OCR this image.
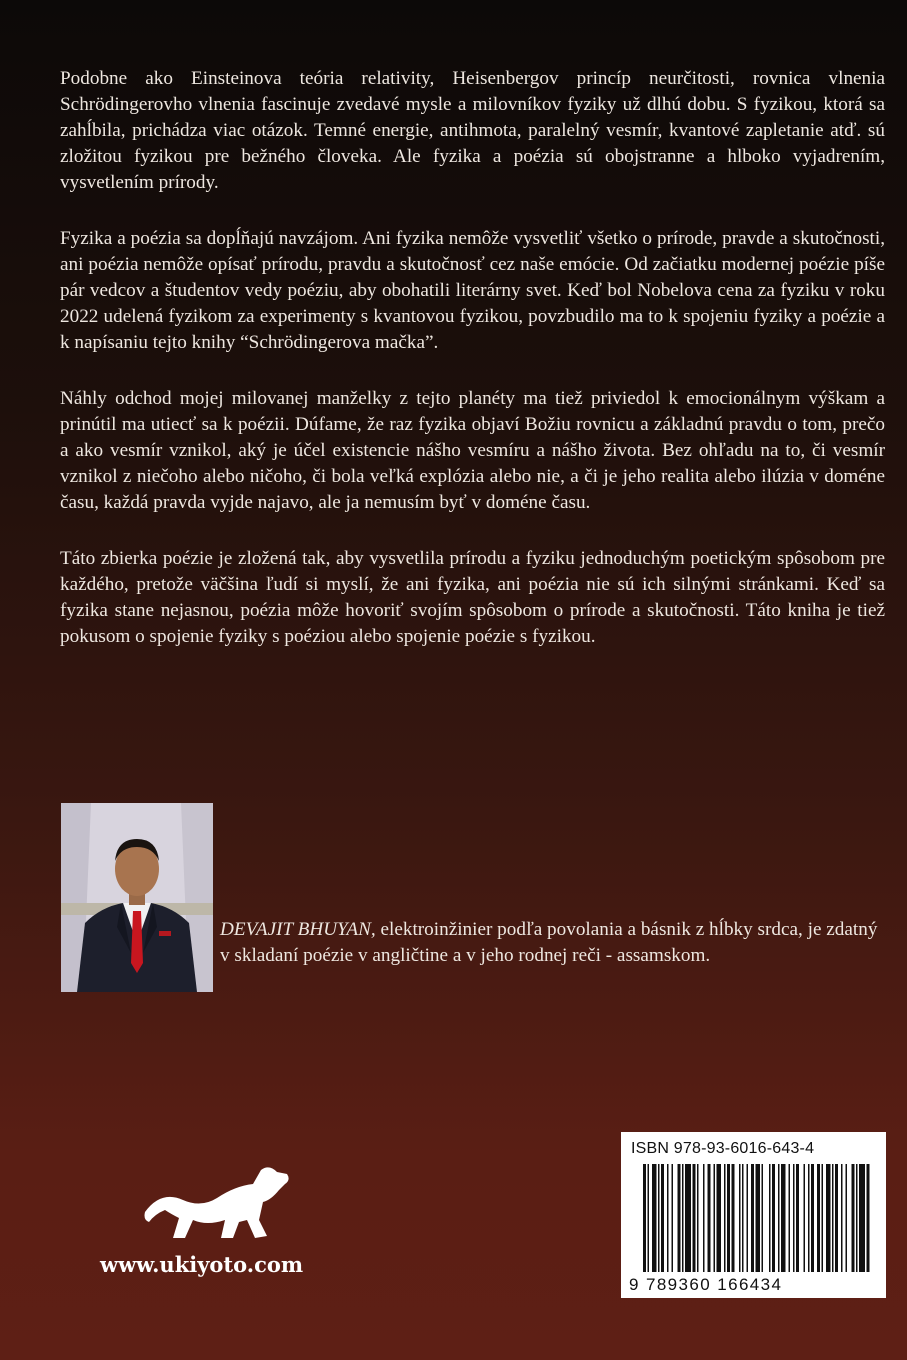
Podobne ako Einsteinova teória relativity, Heisenbergov princíp neurčitosti, rovnica vlnenia Schrödingerovho vlnenia fascinuje zvedavé mysle a milovníkov fyziky už dlhú dobu. S fyzikou, ktorá sa zahĺbila, prichádza viac otázok. Temné energie, antihmota, paralelný vesmír, kvantové zapletanie atď. sú zložitou fyzikou pre bežného človeka. Ale fyzika a poézia sú obojstranne a hlboko vyjadrením, vysvetlením prírody.

Fyzika a poézia sa dopĺňajú navzájom. Ani fyzika nemôže vysvetliť všetko o prírode, pravde a skutočnosti, ani poézia nemôže opísať prírodu, pravdu a skutočnosť cez naše emócie. Od začiatku modernej poézie píše pár vedcov a študentov vedy poéziu, aby obohatili literárny svet. Keď bol Nobelova cena za fyziku v roku 2022 udelená fyzikom za experimenty s kvantovou fyzikou, povzbudilo ma to k spojeniu fyziky a poézie a k napísaniu tejto knihy “Schrödingerova mačka”.

Náhly odchod mojej milovanej manželky z tejto planéty ma tiež priviedol k emocionálnym výškam a prinútil ma utiecť sa k poézii. Dúfame, že raz fyzika objaví Božiu rovnicu a základnú pravdu o tom, prečo a ako vesmír vznikol, aký je účel existencie nášho vesmíru a nášho života. Bez ohľadu na to, či vesmír vznikol z niečoho alebo ničoho, či bola veľká explózia alebo nie, a či je jeho realita alebo ilúzia v doméne času, každá pravda vyjde najavo, ale ja nemusím byť v doméne času.

Táto zbierka poézie je zložená tak, aby vysvetlila prírodu a fyziku jednoduchým poetickým spôsobom pre každého, pretože väčšina ľudí si myslí, že ani fyzika, ani poézia nie sú ich silnými stránkami. Keď sa fyzika stane nejasnou, poézia môže hovoriť svojím spôsobom o prírode a skutočnosti. Táto kniha je tiež pokusom o spojenie fyziky s poéziou alebo spojenie poézie s fyzikou.

DEVAJIT BHUYAN, elektroinžinier podľa povolania a básnik z hĺbky srdca, je zdatný v skladaní poézie v angličtine a v jeho rodnej reči - assamskom.
www.ukiyoto.com
ISBN 978-93-6016-643-4
9 789360 166434
